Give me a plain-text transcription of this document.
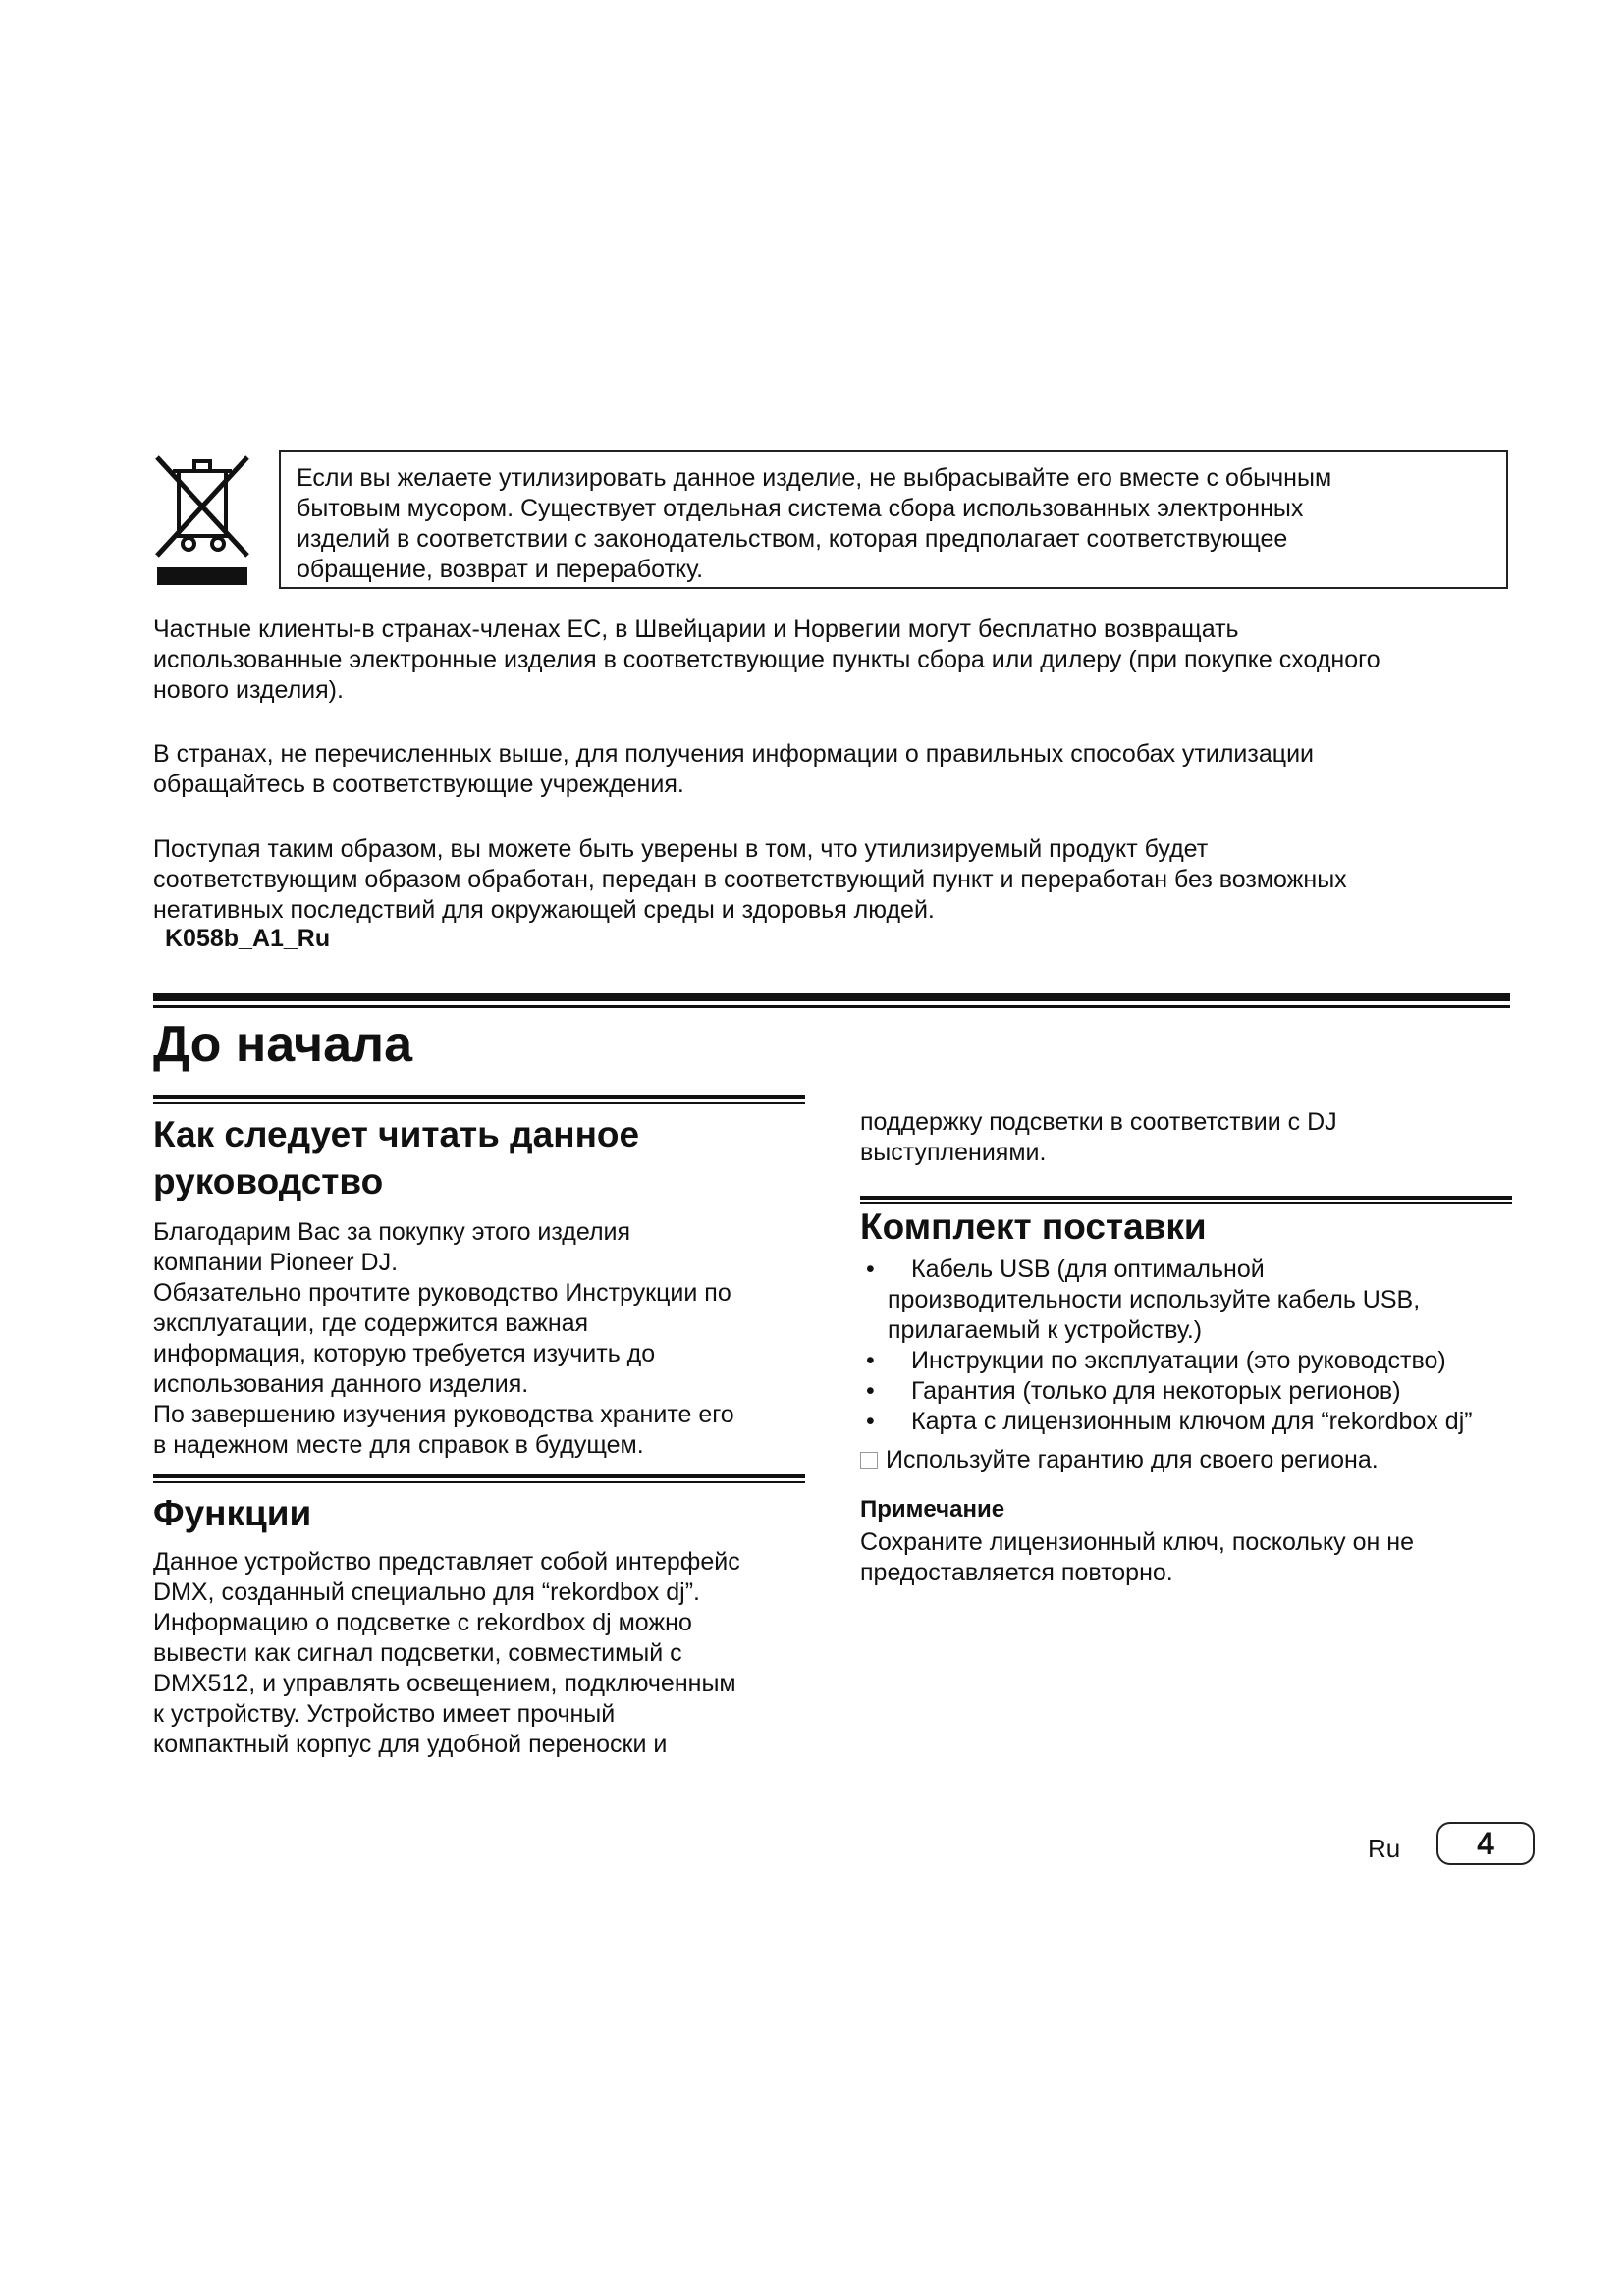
Если вы желаете утилизировать данное изделие, не выбрасывайте его вместе с обычным
бытовым мусором. Существует отдельная система сбора использованных электронных
изделий в соответствии с законодательством, которая предполагает соответствующее
обращение, возврат и переработку.
Частные клиенты-в странах-членах ЕС, в Швейцарии и Норвегии могут бесплатно возвращать
использованные электронные изделия в соответствующие пункты сбора или дилеру (при покупке сходного
нового изделия).
В странах, не перечисленных выше, для получения информации о правильных способах утилизации
обращайтесь в соответствующие учреждения.
Поступая таким образом, вы можете быть уверены в том, что утилизируемый продукт будет
соответствующим образом обработан, передан в соответствующий пункт и переработан без возможных
негативных последствий для окружающей среды и здоровья людей.
K058b_A1_Ru
До начала
Как следует читать данное
руководство
Благодарим Вас за покупку этого изделия
компании Pioneer DJ.
Обязательно прочтите руководство Инструкции по
эксплуатации, где содержится важная
информация, которую требуется изучить до
использования данного изделия.
По завершению изучения руководства храните его
в надежном месте для справок в будущем.
Функции
Данное устройство представляет собой интерфейс
DMX, созданный специально для “rekordbox dj”.
Информацию о подсветке с rekordbox dj можно
вывести как сигнал подсветки, совместимый с
DMX512, и управлять освещением, подключенным
к устройству. Устройство имеет прочный
компактный корпус для удобной переноски и
поддержку подсветки в соответствии с DJ
выступлениями.
Комплект поставки
•	Кабель USB (для оптимальной
производительности используйте кабель USB,
прилагаемый к устройству.)
•	Инструкции по эксплуатации (это руководство)
•	Гарантия (только для некоторых регионов)
•	Карта с лицензионным ключом для “rekordbox dj”
Используйте гарантию для своего региона.
Примечание
Сохраните лицензионный ключ, поскольку он не
предоставляется повторно.
Ru	4
